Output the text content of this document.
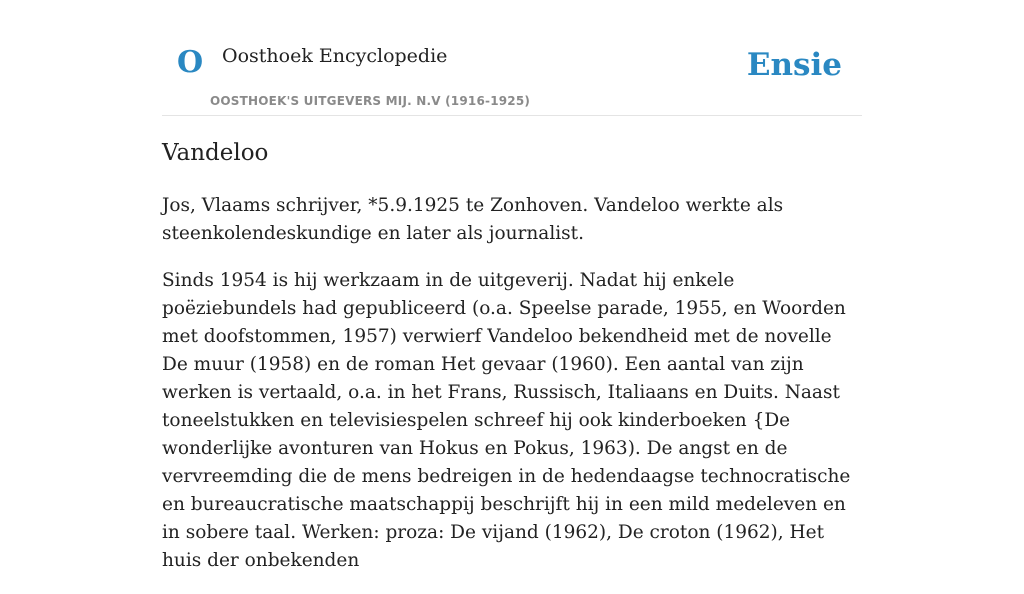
O Oosthoek Encyclopedie
OOSTHOEK'S UITGEVERS MIJ. N.V (1916-1925)
Ensie
Vandeloo

Jos, Vlaams schrijver, *5.9.1925 te Zonhoven. Vandeloo werkte als steenkolendeskundige en later als journalist.

Sinds 1954 is hij werkzaam in de uitgeverij. Nadat hij enkele poëziebundels had gepubliceerd (o.a. Speelse parade, 1955, en Woorden met doofstommen, 1957) verwierf Vandeloo bekendheid met de novelle De muur (1958) en de roman Het gevaar (1960). Een aantal van zijn werken is vertaald, o.a. in het Frans, Russisch, Italiaans en Duits. Naast toneelstukken en televisiespelen schreef hij ook kinderboeken {De wonderlijke avonturen van Hokus en Pokus, 1963). De angst en de vervreemding die de mens bedreigen in de hedendaagse technocratische en bureaucratische maatschappij beschrijft hij in een mild medeleven en in sobere taal. Werken: proza: De vijand (1962), De croton (1962), Het huis der onbekenden
